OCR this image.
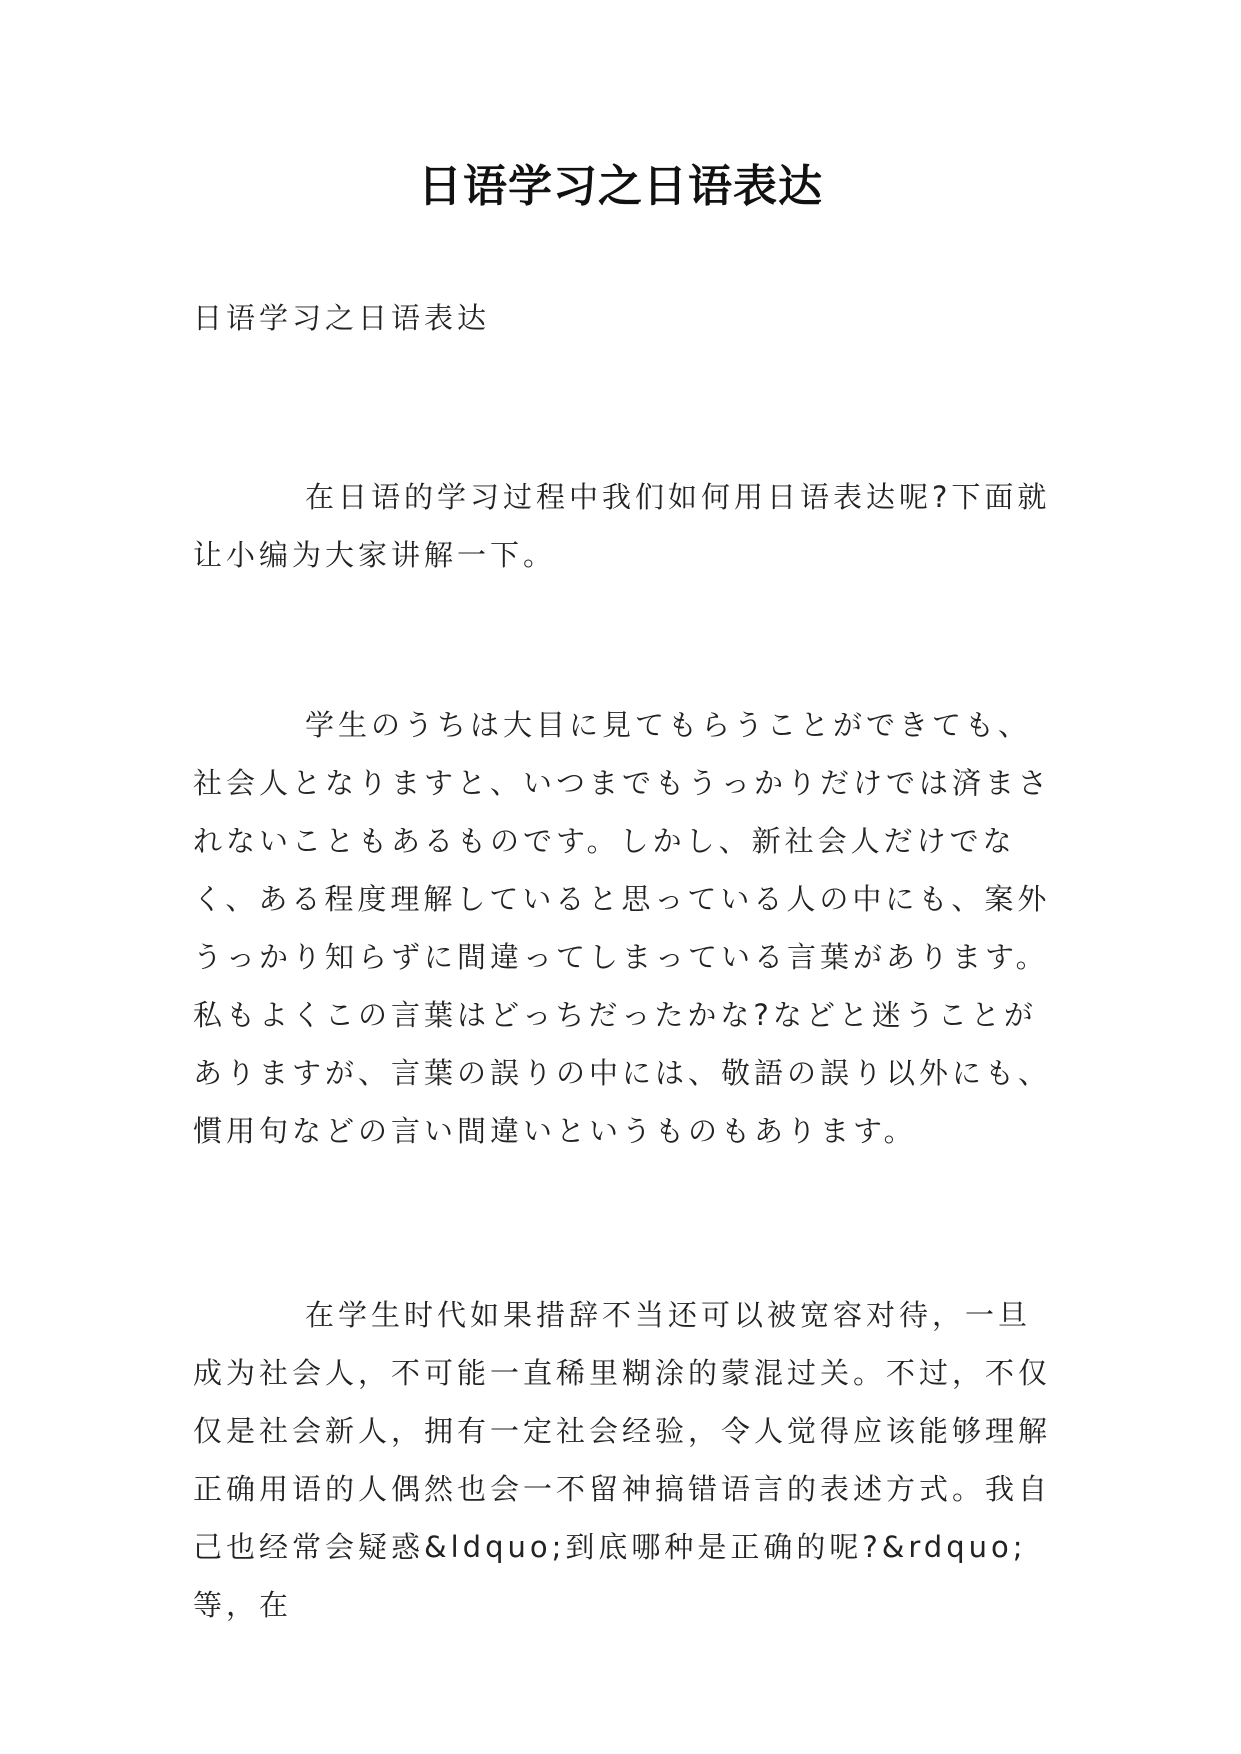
日语学习之日语表达
日语学习之日语表达
在日语的学习过程中我们如何用日语表达呢?下面就让小编为大家讲解一下。
学生のうちは大目に見てもらうことができても、社会人となりますと、いつまでもうっかりだけでは済まされないこともあるものです。しかし、新社会人だけでなく、ある程度理解していると思っている人の中にも、案外うっかり知らずに間違ってしまっている言葉があります。私もよくこの言葉はどっちだったかな?などと迷うことがありますが、言葉の誤りの中には、敬語の誤り以外にも、慣用句などの言い間違いというものもあります。
在学生时代如果措辞不当还可以被宽容对待，一旦成为社会人，不可能一直稀里糊涂的蒙混过关。不过，不仅仅是社会新人，拥有一定社会经验，令人觉得应该能够理解正确用语的人偶然也会一不留神搞错语言的表述方式。我自己也经常会疑惑&ldquo;到底哪种是正确的呢?&rdquo;等，在
